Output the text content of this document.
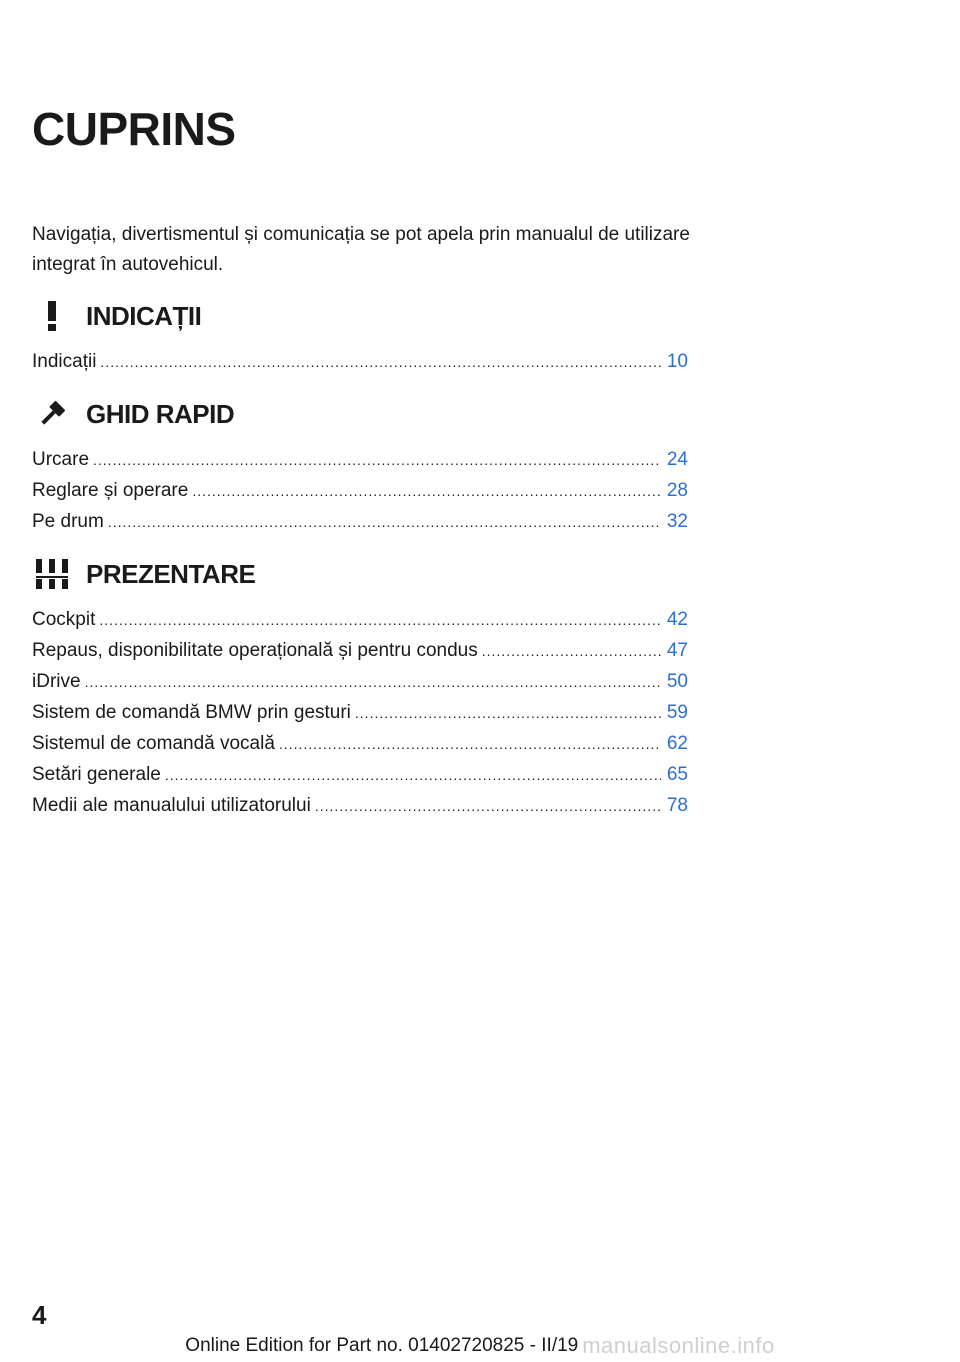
CUPRINS
Navigația, divertismentul și comunicația se pot apela prin manualul de utilizare integrat în autovehicul.
INDICAȚII
Indicații .....	10
GHID RAPID
Urcare .....	24
Reglare și operare .....	28
Pe drum .....	32
PREZENTARE
Cockpit .....	42
Repaus, disponibilitate operațională și pentru condus .....	47
iDrive .....	50
Sistem de comandă BMW prin gesturi .....	59
Sistemul de comandă vocală .....	62
Setări generale .....	65
Medii ale manualului utilizatorului .....	78
4
Online Edition for Part no. 01402720825 - II/19 manualsonline.info
